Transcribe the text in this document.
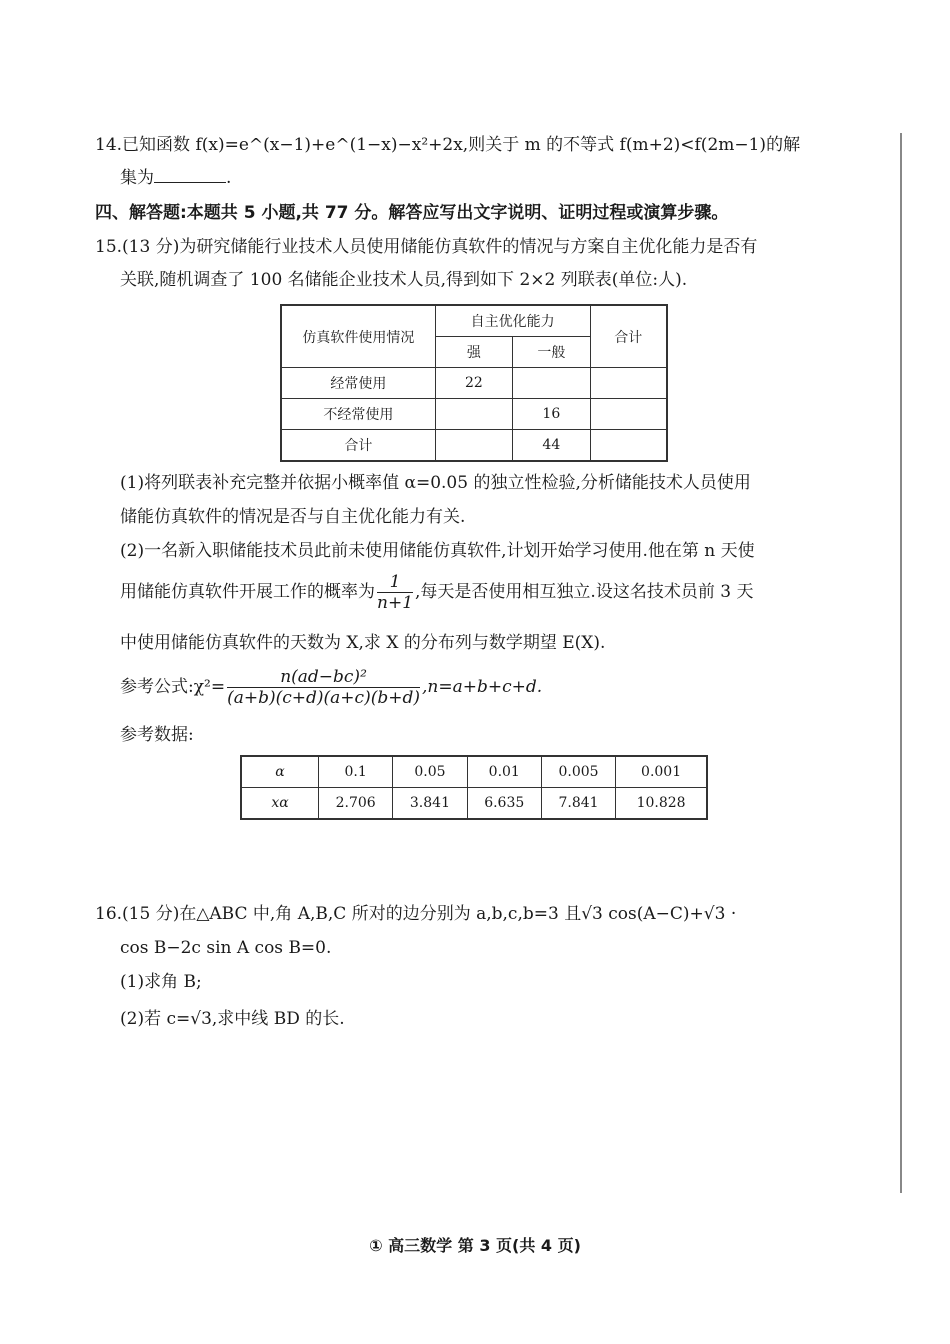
14.已知函数 f(x)=e^(x−1)+e^(1−x)−x²+2x,则关于 m 的不等式 f(m+2)<f(2m−1)的解
集为	.
四、解答题:本题共 5 小题,共 77 分。解答应写出文字说明、证明过程或演算步骤。
15.(13 分)为研究储能行业技术人员使用储能仿真软件的情况与方案自主优化能力是否有
关联,随机调查了 100 名储能企业技术人员,得到如下 2×2 列联表(单位:人).
仿真软件使用情况	自主优化能力		合计
	强	一般	
经常使用	22		
不经常使用		16	
合计		44	
(1)将列联表补充完整并依据小概率值 α=0.05 的独立性检验,分析储能技术人员使用
储能仿真软件的情况是否与自主优化能力有关.
(2)一名新入职储能技术员此前未使用储能仿真软件,计划开始学习使用.他在第 n 天使
用储能仿真软件开展工作的概率为 $\frac{1}{n+1}$ ,每天是否使用相互独立.设这名技术员前 3 天
中使用储能仿真软件的天数为 X,求 X 的分布列与数学期望 E(X).
参考公式:χ²= $\frac{\text{n(ad−bc)²}}{(a+b)(c+d)(a+c)(b+d)} ,n=a+b+c+d$.
参考数据:
α	0.1	0.05	0.01	0.005	0.001
xα	2.706	3.841	6.635	7.841	10.828
16.(15 分)在△ABC 中,角 A,B,C 所对的边分别为 a,b,c,b=3 且√3 cos(A−C)+√3 ·
cos B−2c sin A cos B=0.
(1)求角 B;
(2)若 c=√3,求中线 BD 的长.
① 高三数学 第 3 页(共 4 页)
